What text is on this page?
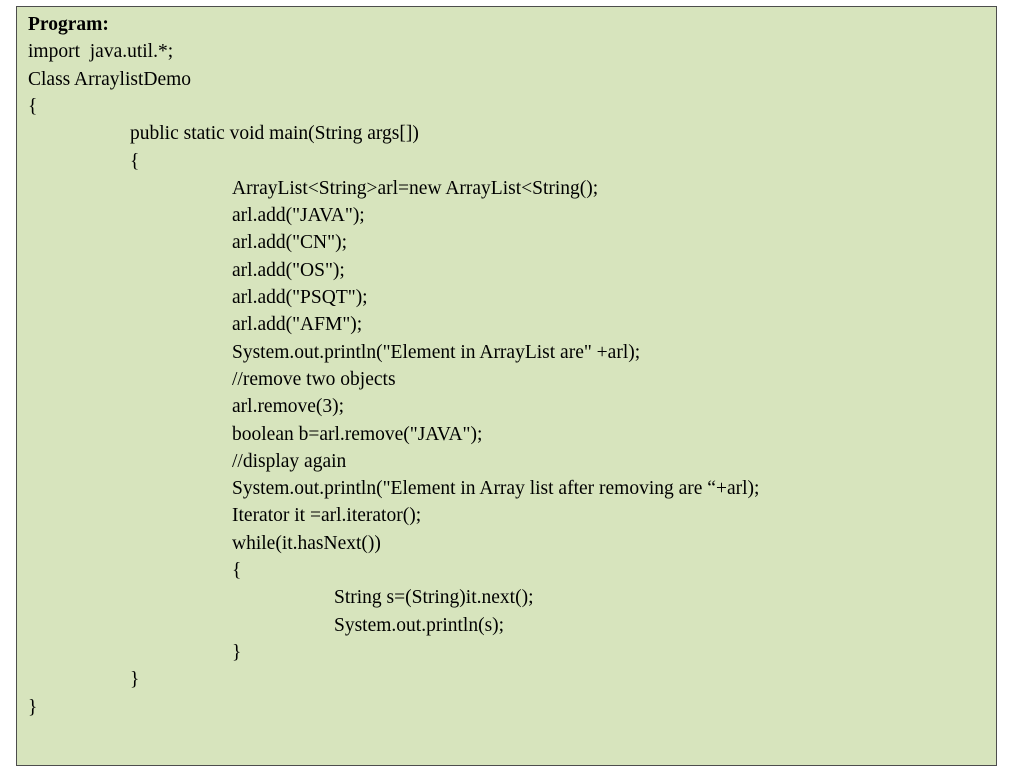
Program:
import  java.util.*;
Class ArraylistDemo
{
public static void main(String args[])
{
ArrayList<String>arl=new ArrayList<String();
arl.add("JAVA");
arl.add("CN");
arl.add("OS");
arl.add("PSQT");
arl.add("AFM");
System.out.println("Element in ArrayList are" +arl);
//remove two objects
arl.remove(3);
boolean b=arl.remove("JAVA");
//display again
System.out.println("Element in Array list after removing are “+arl);
Iterator it =arl.iterator();
while(it.hasNext())
{
String s=(String)it.next();
System.out.println(s);
}
}
}
